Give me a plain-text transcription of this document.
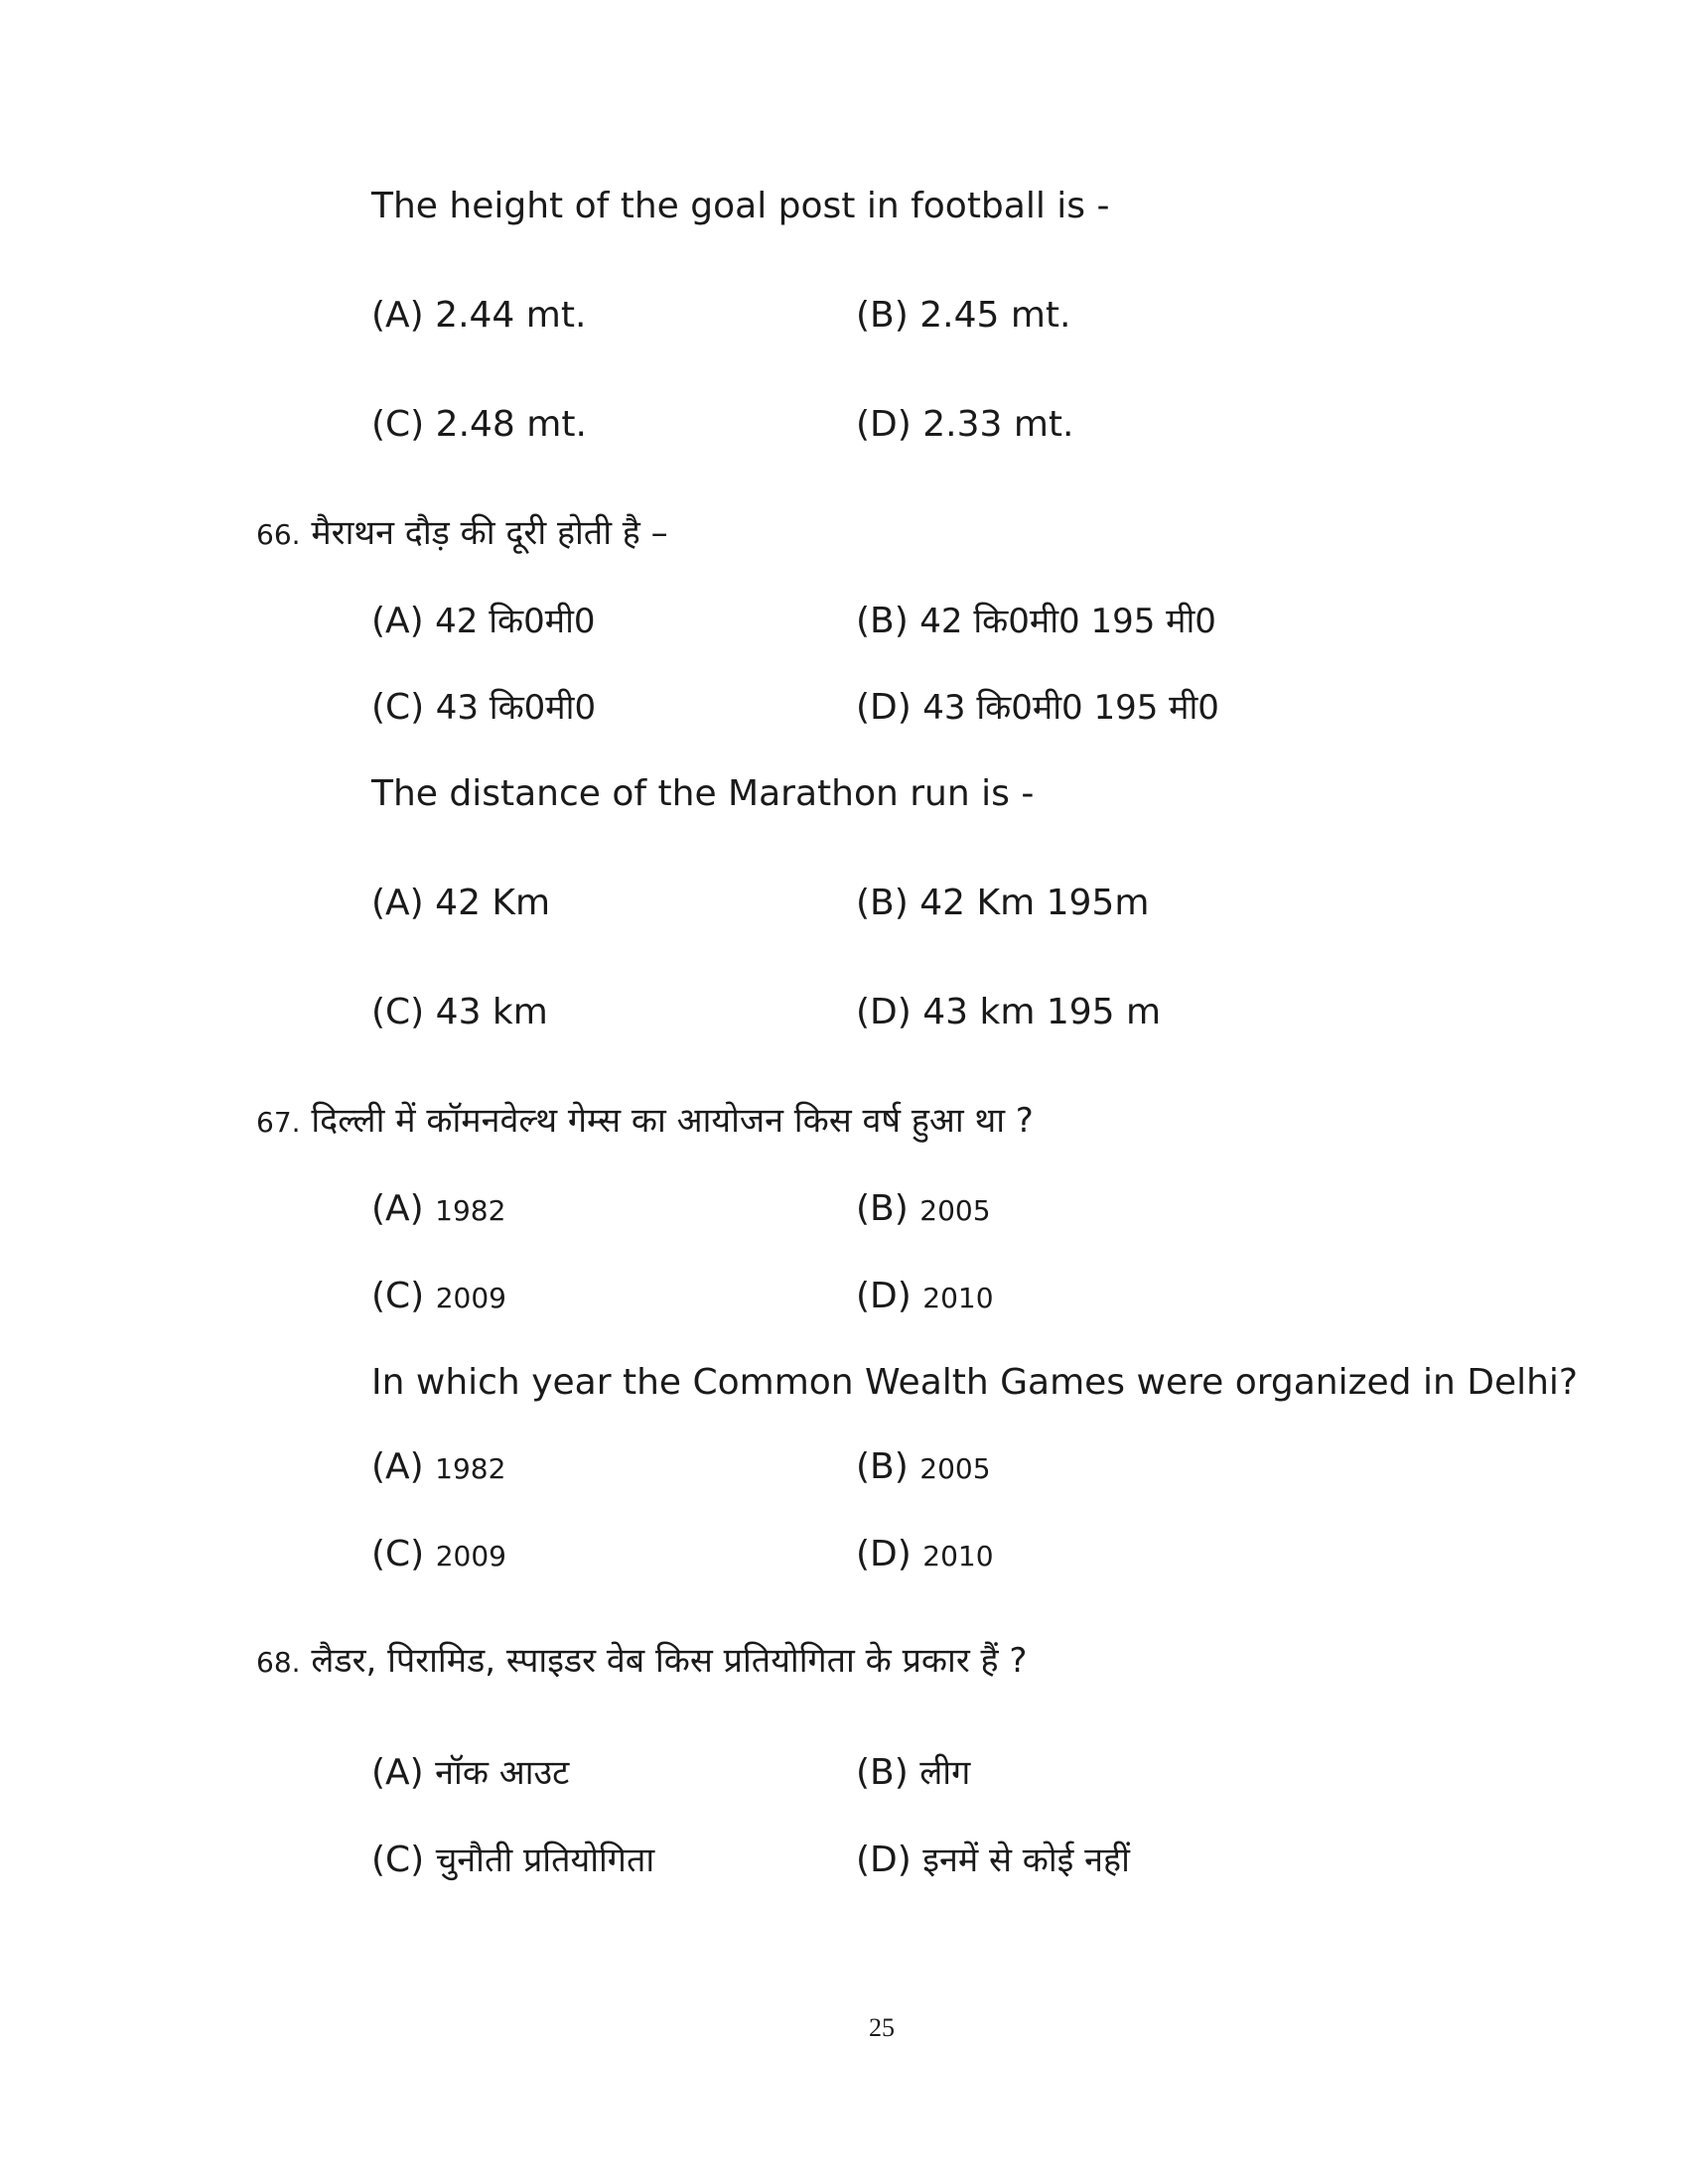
The height of the goal post in football is -
(A) 2.44 mt.	(B) 2.45 mt.
(C) 2.48 mt.	(D) 2.33 mt.
66. मैराथन दौड़ की दूरी होती है –
(A) 42 कि0मी0	(B) 42 कि0मी0 195 मी0
(C) 43 कि0मी0	(D) 43 कि0मी0 195 मी0
The distance of the Marathon run is -
(A) 42 Km	(B) 42 Km 195m
(C) 43 km	(D) 43 km 195 m
67. दिल्ली में कॉमनवेल्थ गेम्स का आयोजन किस वर्ष हुआ था ?
(A) 1982	(B) 2005
(C) 2009	(D) 2010
In which year the Common Wealth Games were organized in Delhi?
(A) 1982	(B) 2005
(C) 2009	(D) 2010
68. लैडर, पिरामिड, स्पाइडर वेब किस प्रतियोगिता के प्रकार हैं ?
(A) नॉक आउट	(B) लीग
(C) चुनौती प्रतियोगिता	(D) इनमें से कोई नहीं
25
